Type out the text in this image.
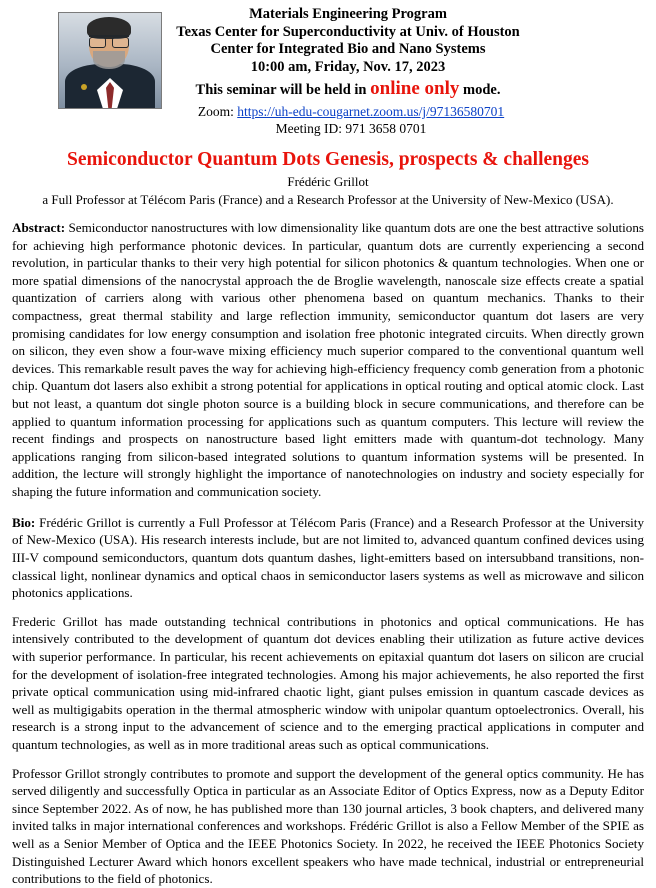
Materials Engineering Program
Texas Center for Superconductivity at Univ. of Houston
Center for Integrated Bio and Nano Systems
10:00 am, Friday, Nov. 17, 2023
This seminar will be held in online only mode.
Zoom: https://uh-edu-cougarnet.zoom.us/j/97136580701
Meeting ID: 971 3658 0701
Semiconductor Quantum Dots Genesis, prospects & challenges
Frédéric Grillot
a Full Professor at Télécom Paris (France) and a Research Professor at the University of New-Mexico (USA).
Abstract: Semiconductor nanostructures with low dimensionality like quantum dots are one the best attractive solutions for achieving high performance photonic devices. In particular, quantum dots are currently experiencing a second revolution, in particular thanks to their very high potential for silicon photonics & quantum technologies. When one or more spatial dimensions of the nanocrystal approach the de Broglie wavelength, nanoscale size effects create a spatial quantization of carriers along with various other phenomena based on quantum mechanics. Thanks to their compactness, great thermal stability and large reflection immunity, semiconductor quantum dot lasers are very promising candidates for low energy consumption and isolation free photonic integrated circuits. When directly grown on silicon, they even show a four-wave mixing efficiency much superior compared to the conventional quantum well devices. This remarkable result paves the way for achieving high-efficiency frequency comb generation from a photonic chip. Quantum dot lasers also exhibit a strong potential for applications in optical routing and optical atomic clock. Last but not least, a quantum dot single photon source is a building block in secure communications, and therefore can be applied to quantum information processing for applications such as quantum computers. This lecture will review the recent findings and prospects on nanostructure based light emitters made with quantum-dot technology. Many applications ranging from silicon-based integrated solutions to quantum information systems will be presented. In addition, the lecture will strongly highlight the importance of nanotechnologies on industry and society especially for shaping the future information and communication society.
Bio: Frédéric Grillot is currently a Full Professor at Télécom Paris (France) and a Research Professor at the University of New-Mexico (USA). His research interests include, but are not limited to, advanced quantum confined devices using III-V compound semiconductors, quantum dots quantum dashes, light-emitters based on intersubband transitions, non-classical light, nonlinear dynamics and optical chaos in semiconductor lasers systems as well as microwave and silicon photonics applications.
Frederic Grillot has made outstanding technical contributions in photonics and optical communications. He has intensively contributed to the development of quantum dot devices enabling their utilization as future active devices with superior performance. In particular, his recent achievements on epitaxial quantum dot lasers on silicon are crucial for the development of isolation-free integrated technologies. Among his major achievements, he also reported the first private optical communication using mid-infrared chaotic light, giant pulses emission in quantum cascade devices as well as multigigabits operation in the thermal atmospheric window with unipolar quantum optoelectronics. Overall, his research is a strong input to the advancement of science and to the emerging practical applications in computer and quantum technologies, as well as in more traditional areas such as optical communications.
Professor Grillot strongly contributes to promote and support the development of the general optics community. He has served diligently and successfully Optica in particular as an Associate Editor of Optics Express, now as a Deputy Editor since September 2022. As of now, he has published more than 130 journal articles, 3 book chapters, and delivered many invited talks in major international conferences and workshops. Frédéric Grillot is also a Fellow Member of the SPIE as well as a Senior Member of Optica and the IEEE Photonics Society. In 2022, he received the IEEE Photonics Society Distinguished Lecturer Award which honors excellent speakers who have made technical, industrial or entrepreneurial contributions to the field of photonics.
